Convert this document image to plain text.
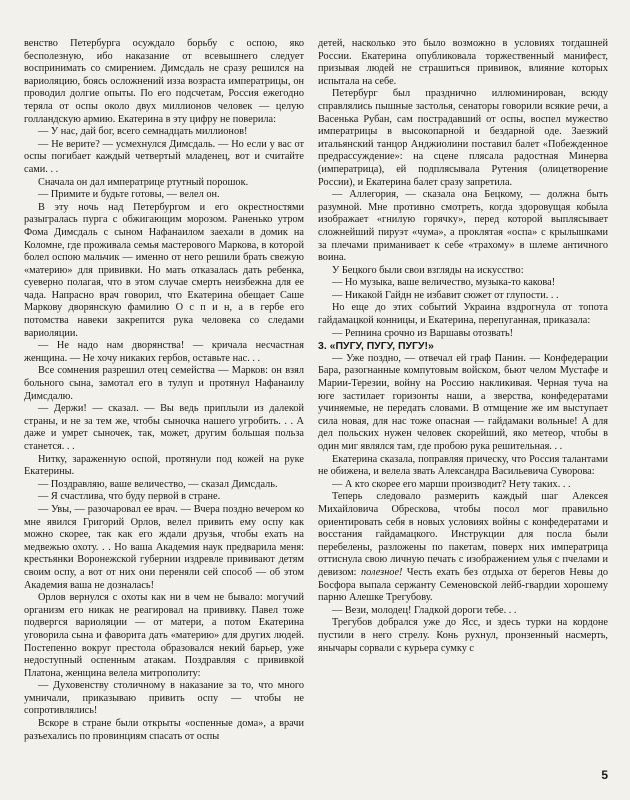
венство Петербурга осуждало борьбу с оспою, яко бесполезную, ибо наказание от всевышнего следует воспринимать со смирением. Димсдаль не сразу решился на вариоляцию, боясь осложнений изза возраста императрицы, он проводил долгие опыты. По его подсчетам, Россия ежегодно теряла от оспы около двух миллионов человек — целую голландскую армию. Екатерина в эту цифру не поверила:

— У нас, дай бог, всего семнадцать миллионов!

— Не верите? — усмехнулся Димсдаль. — Но если у вас от оспы погибает каждый четвертый младенец, вот и считайте сами. . .

Сначала он дал императрице ртутный порошок.

— Примите и будьте готовы, — велел он.

В эту ночь над Петербургом и его окрестностями разыгралась пурга с обжигающим морозом. Раненько утром Фома Димсдаль с сыном Нафанаилом заехали в домик на Коломне, где проживала семья мастерового Маркова, в которой болел оспою мальчик — именно от него решили брать свежую «материю» для прививки. Но мать отказалась дать ребенка, суеверно полагая, что в этом случае смерть неизбежна для ее чада. Напрасно врач говорил, что Екатерина обещает Саше Маркову дворянскую фамилию О с п и н, а в гербе его потомства навеки закрепится рука человека со следами вариоляции.

— Не надо нам дворянства! — кричала несчастная женщина. — Не хочу никаких гербов, оставьте нас. . .

Все сомнения разрешил отец семейства — Марков: он взял больного сына, замотал его в тулуп и протянул Нафанаилу Димсдалю.

— Держи! — сказал. — Вы ведь приплыли из далекой страны, и не за тем же, чтобы сыночка нашего угробить. . . А даже и умрет сыночек, так, может, другим большая польза станется. . .

Нитку, зараженную оспой, протянули под кожей на руке Екатерины.

— Поздравляю, ваше величество, — сказал Димсдаль.

— Я счастлива, что буду первой в стране.

— Увы, — разочаровал ее врач. — Вчера поздно вечером ко мне явился Григорий Орлов, велел привить ему оспу как можно скорее, так как его ждали друзья, чтобы ехать на медвежью охоту. . . Но ваша Академия наук предварила меня: крестьянки Воронежской губернии издревле прививают детям своим оспу, а вот от них они переняли сей способ — об этом Академия ваша не дозналась!

Орлов вернулся с охоты как ни в чем не бывало: могучий организм его никак не реагировал на прививку. Павел тоже подвергся вариоляции — от матери, а потом Екатерина уговорила сына и фаворита дать «материю» для других людей. Постепенно вокруг престола образовался некий барьер, уже недоступный оспенным атакам. Поздравляя с прививкой Платона, женщина велела митрополиту:

— Духовенству столичному в наказание за то, что много умничали, приказываю привить оспу — чтобы не сопротивлялись!

Вскоре в стране были открыты «оспенные дома», а врачи разъехались по провинциям спасать от оспы

детей, насколько это было возможно в условиях тогдашней России. Екатерина опубликовала торжественный манифест, призывая людей не страшиться прививок, влияние которых испытала на себе.

Петербург был празднично иллюминирован, всюду справлялись пышные застолья, сенаторы говорили всякие речи, а Васенька Рубан, сам пострадавший от оспы, воспел мужество императрицы в высокопарной и бездарной оде. Заезжий итальянский танцор Анджиолини поставил балет «Побежденное предрассуждение»: на сцене плясала радостная Минерва (императрица), ей подплясывала Рутения (олицетворение России), и Екатерина балет сразу запретила.

— Аллегория, — сказала она Бецкому, — должна быть разумной. Мне противно смотреть, когда здоровущая кобыла изображает «гнилую горячку», перед которой выплясывает сложнейший пируэт «чума», а проклятая «оспа» с крылышками за плечами приманивает к себе «трахому» в шлеме античного воина.

У Бецкого были свои взгляды на искусство:

— Но музыка, ваше величество, музыка-то какова!

— Никакой Гайдн не избавит сюжет от глупости. . .

Но еще до этих событий Украина вздрогнула от топота гайдамацкой конницы, и Екатерина, перепуганная, приказала:

— Репнина срочно из Варшавы отозвать!

3. «ПУГУ, ПУГУ, ПУГУ!»

— Уже поздно, — отвечал ей граф Панин. — Конфедерации Бара, разогнанные компутовым войском, бьют челом Мустафе и Марии-Терезии, войну на Россию накликивая. Черная туча на юге застилает горизонты наши, а зверства, конфедератами учиняемые, не передать словами. В отмщение же им выступает сила новая, для нас тоже опасная — гайдамаки вольные! А для дел польских нужен человек скорейший, яко метеор, чтобы в один миг являлся там, где пробою рука решительная. . .

Екатерина сказала, поправляя прическу, что Россия талантами не обижена, и велела звать Александра Васильевича Суворова:

— А кто скорее его марши производит? Нету таких. . .

Теперь следовало размерить каждый шаг Алексея Михайловича Обрескова, чтобы посол мог правильно ориентировать себя в новых условиях войны с конфедератами и восстания гайдамацкого. Инструкции для посла были перебелены, разложены по пакетам, поверх них императрица оттиснула свою личную печать с изображением улья с пчелами и девизом: полезное! Честь ехать без отдыха от берегов Невы до Босфора выпала сержанту Семеновской лейб-гвардии хорошему парню Алешке Трегубову.

— Вези, молодец! Гладкой дороги тебе. . .

Трегубов добрался уже до Ясс, и здесь турки на кордоне пустили в него стрелу. Конь рухнул, пронзенный насмерть, янычары сорвали с курьера сумку с

5
